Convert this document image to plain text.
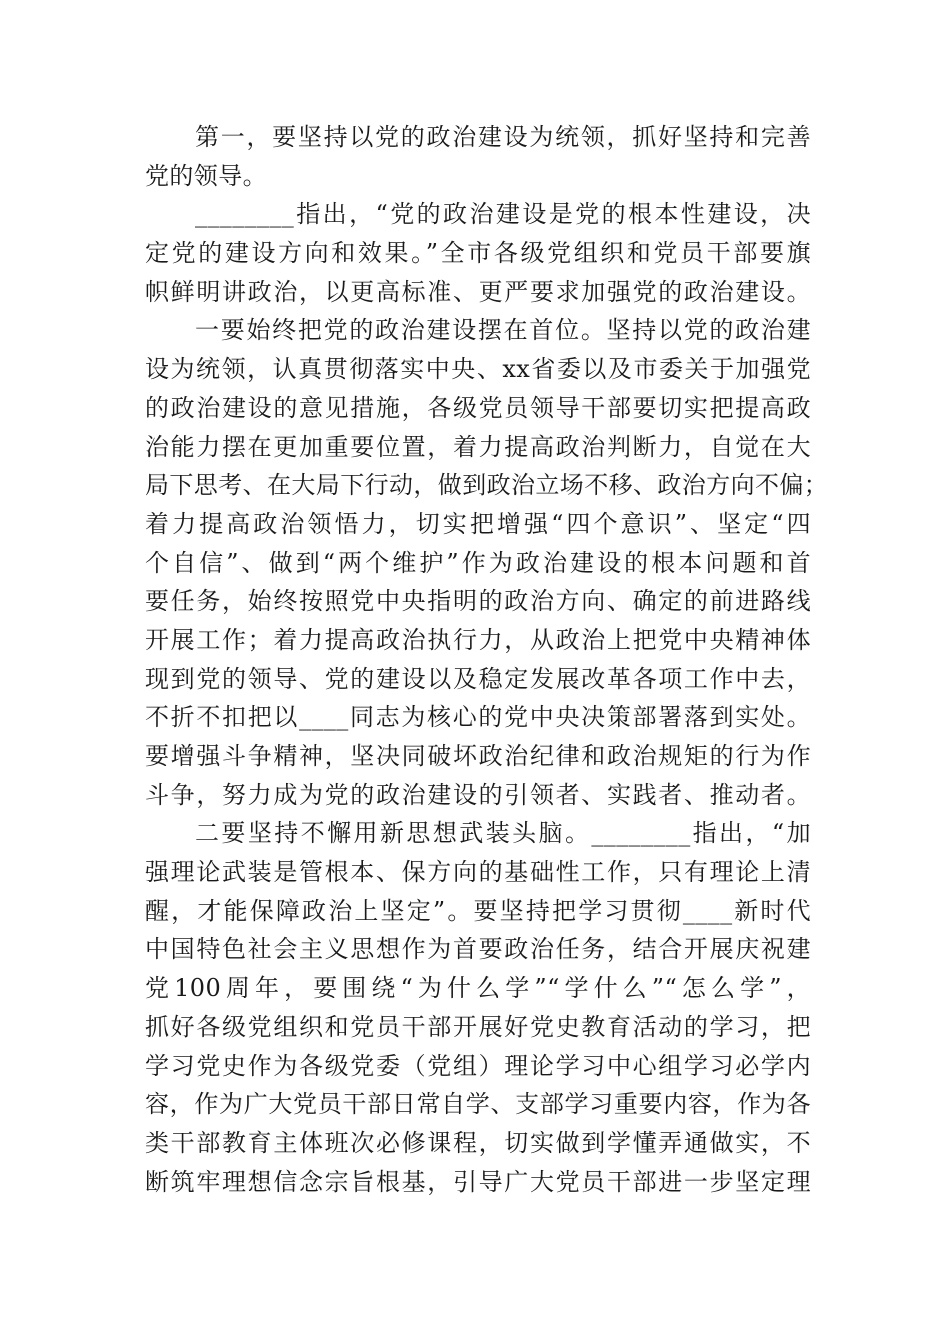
第一，要坚持以党的政治建设为统领，抓好坚持和完善
党的领导。
________指出，“党的政治建设是党的根本性建设，决
定党的建设方向和效果。”全市各级党组织和党员干部要旗
帜鲜明讲政治，以更高标准、更严要求加强党的政治建设。
一要始终把党的政治建设摆在首位。坚持以党的政治建
设为统领，认真贯彻落实中央、xx省委以及市委关于加强党
的政治建设的意见措施，各级党员领导干部要切实把提高政
治能力摆在更加重要位置，着力提高政治判断力，自觉在大
局下思考、在大局下行动，做到政治立场不移、政治方向不偏；
着力提高政治领悟力，切实把增强“四个意识”、坚定“四
个自信”、做到“两个维护”作为政治建设的根本问题和首
要任务，始终按照党中央指明的政治方向、确定的前进路线
开展工作；着力提高政治执行力，从政治上把党中央精神体
现到党的领导、党的建设以及稳定发展改革各项工作中去，
不折不扣把以____同志为核心的党中央决策部署落到实处。
要增强斗争精神，坚决同破坏政治纪律和政治规矩的行为作
斗争，努力成为党的政治建设的引领者、实践者、推动者。
二要坚持不懈用新思想武装头脑。________指出，“加
强理论武装是管根本、保方向的基础性工作，只有理论上清
醒，才能保障政治上坚定”。要坚持把学习贯彻____新时代
中国特色社会主义思想作为首要政治任务，结合开展庆祝建
党100周年，要围绕“为什么学”“学什么”“怎么学”，
抓好各级党组织和党员干部开展好党史教育活动的学习，把
学习党史作为各级党委（党组）理论学习中心组学习必学内
容，作为广大党员干部日常自学、支部学习重要内容，作为各
类干部教育主体班次必修课程，切实做到学懂弄通做实，不
断筑牢理想信念宗旨根基，引导广大党员干部进一步坚定理
